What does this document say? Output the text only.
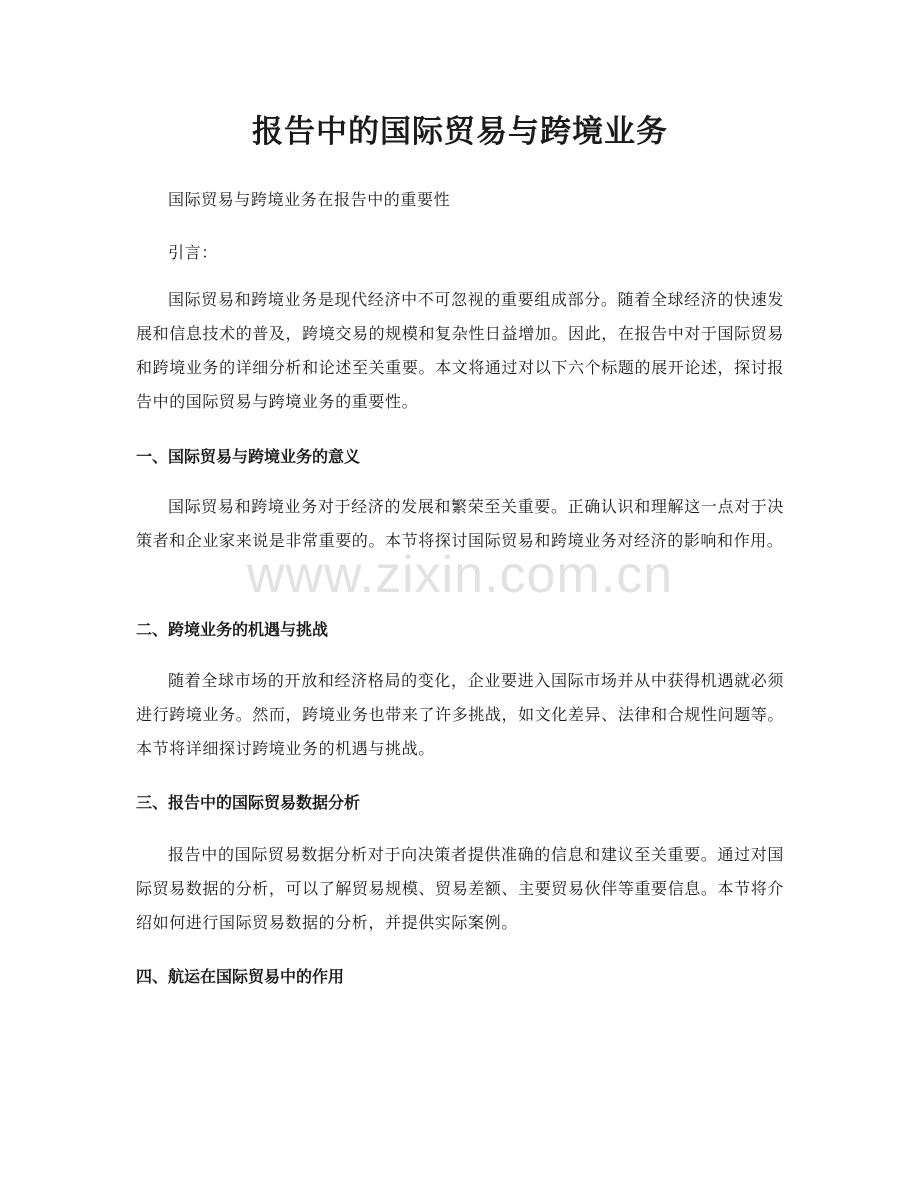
报告中的国际贸易与跨境业务

国际贸易与跨境业务在报告中的重要性

引言：

国际贸易和跨境业务是现代经济中不可忽视的重要组成部分。随着全球经济的快速发展和信息技术的普及，跨境交易的规模和复杂性日益增加。因此，在报告中对于国际贸易和跨境业务的详细分析和论述至关重要。本文将通过对以下六个标题的展开论述，探讨报告中的国际贸易与跨境业务的重要性。

一、国际贸易与跨境业务的意义

国际贸易和跨境业务对于经济的发展和繁荣至关重要。正确认识和理解这一点对于决策者和企业家来说是非常重要的。本节将探讨国际贸易和跨境业务对经济的影响和作用。

二、跨境业务的机遇与挑战

随着全球市场的开放和经济格局的变化，企业要进入国际市场并从中获得机遇就必须进行跨境业务。然而，跨境业务也带来了许多挑战，如文化差异、法律和合规性问题等。本节将详细探讨跨境业务的机遇与挑战。

三、报告中的国际贸易数据分析

报告中的国际贸易数据分析对于向决策者提供准确的信息和建议至关重要。通过对国际贸易数据的分析，可以了解贸易规模、贸易差额、主要贸易伙伴等重要信息。本节将介绍如何进行国际贸易数据的分析，并提供实际案例。

四、航运在国际贸易中的作用
www.zixin.com.cn
